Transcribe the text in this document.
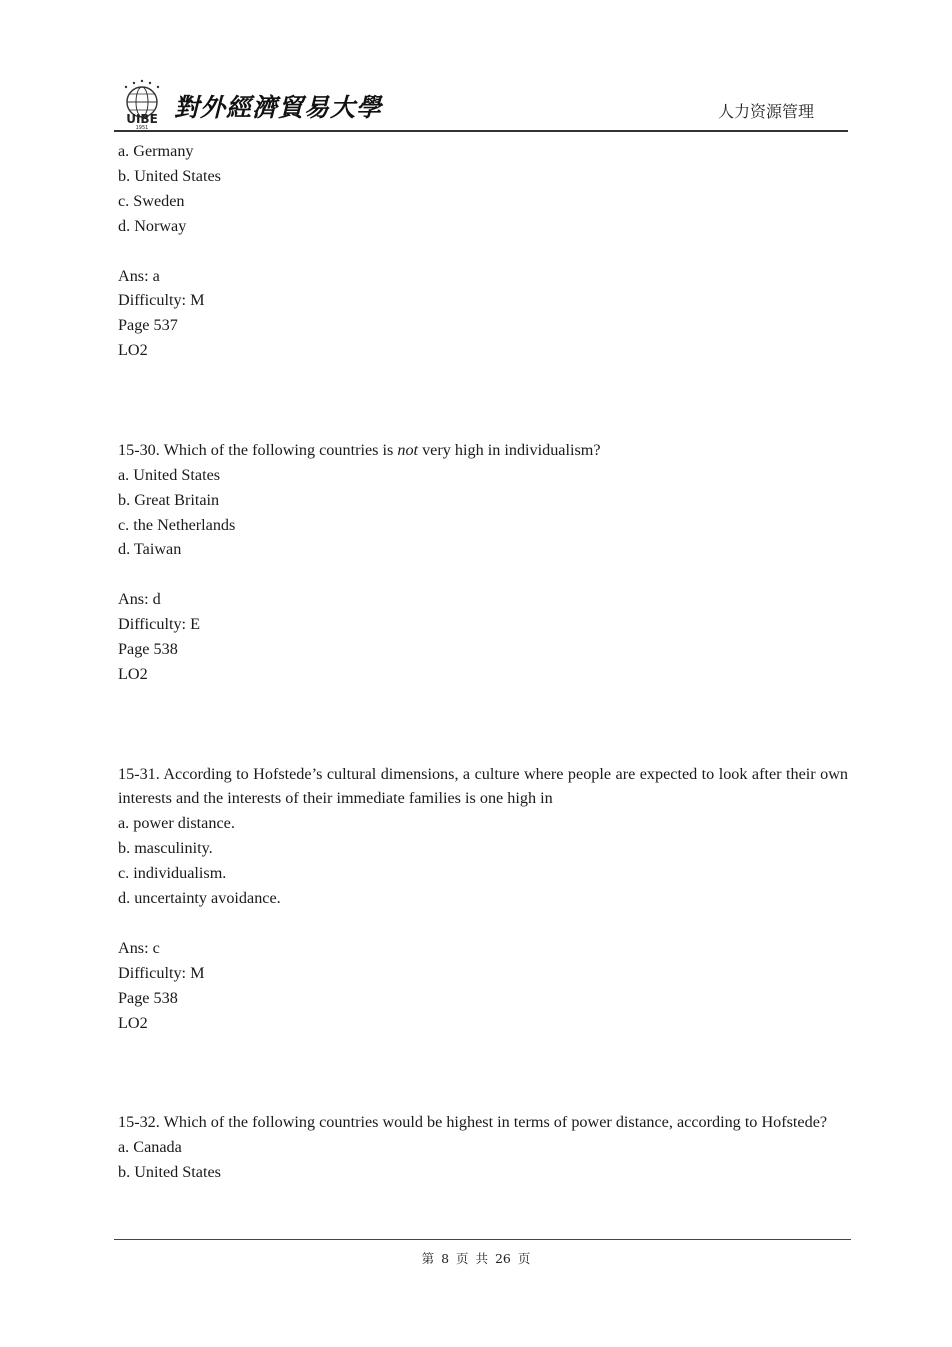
UIBE
1951
對外經濟貿易大學	人力资源管理
a. Germany
b. United States
c. Sweden
d. Norway
Ans: a
Difficulty: M
Page 537
LO2
15-30. Which of the following countries is not very high in individualism?
a. United States
b. Great Britain
c. the Netherlands
d. Taiwan
Ans: d
Difficulty: E
Page 538
LO2
15-31. According to Hofstede’s cultural dimensions, a culture where people are expected to look after their own interests and the interests of their immediate families is one high in
a. power distance.
b. masculinity.
c. individualism.
d. uncertainty avoidance.
Ans: c
Difficulty: M
Page 538
LO2
15-32. Which of the following countries would be highest in terms of power distance, according to Hofstede?
a. Canada
b. United States
第 8 页 共 26 页
